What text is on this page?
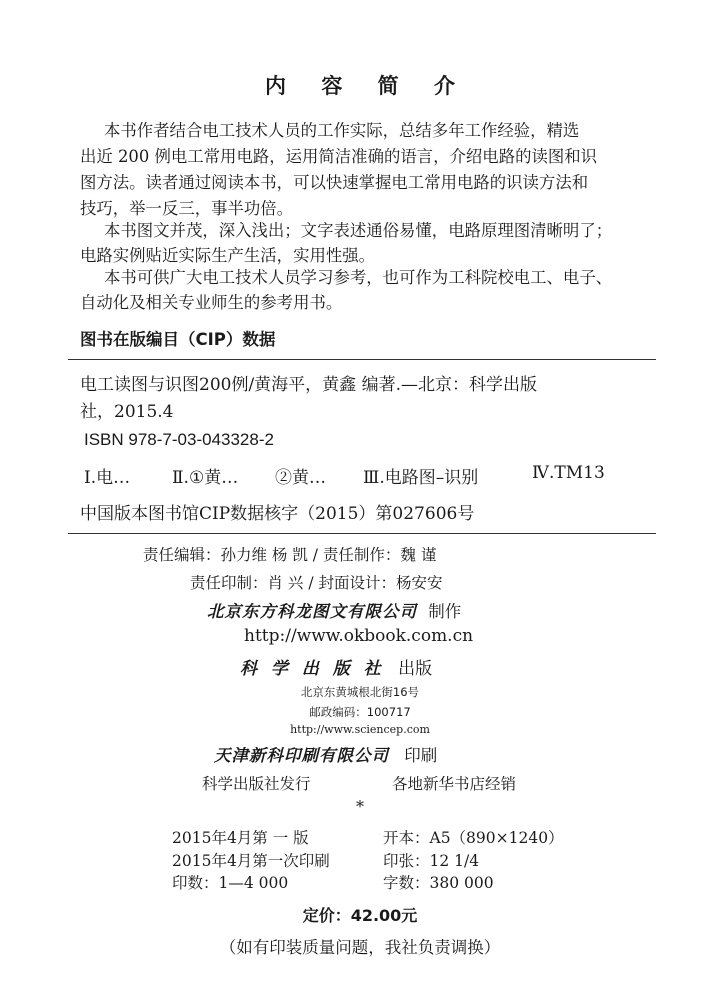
内 容 简 介
本书作者结合电工技术人员的工作实际，总结多年工作经验，精选
出近 200 例电工常用电路，运用简洁准确的语言，介绍电路的读图和识
图方法。读者通过阅读本书，可以快速掌握电工常用电路的识读方法和
技巧，举一反三，事半功倍。
本书图文并茂，深入浅出；文字表述通俗易懂，电路原理图清晰明了；
电路实例贴近实际生产生活，实用性强。
本书可供广大电工技术人员学习参考，也可作为工科院校电工、电子、
自动化及相关专业师生的参考用书。
图书在版编目（CIP）数据
电工读图与识图200例/黄海平，黄鑫 编著.—北京：科学出版
社，2015.4
ISBN 978-7-03-043328-2
Ⅰ.电… Ⅱ.①黄… ②黄… Ⅲ.电路图–识别	Ⅳ.TM13
中国版本图书馆CIP数据核字（2015）第027606号
责任编辑：孙力维 杨 凯 / 责任制作：魏 谨
责任印制：肖 兴 / 封面设计：杨安安
北京东方科龙图文有限公司 制作
http://www.okbook.com.cn
科 学 出 版 社 出版
北京东黄城根北街16号
邮政编码：100717
http://www.sciencep.com
天津新科印刷有限公司 印刷
科学出版社发行	各地新华书店经销
*
2015年4月第 一 版	开本：A5（890×1240）
2015年4月第一次印刷	印张：12 1/4
印数：1—4 000	字数：380 000
定价：42.00元
（如有印装质量问题，我社负责调换）
